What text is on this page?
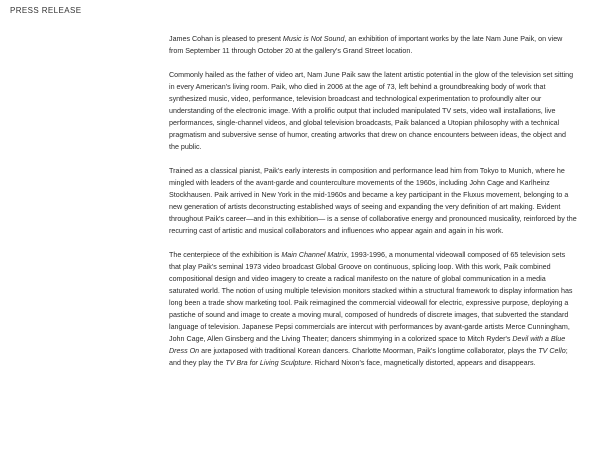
PRESS RELEASE

James Cohan is pleased to present Music is Not Sound, an exhibition of important works by the late Nam June Paik, on view from September 11 through October 20 at the gallery's Grand Street location.

Commonly hailed as the father of video art, Nam June Paik saw the latent artistic potential in the glow of the television set sitting in every American's living room. Paik, who died in 2006 at the age of 73, left behind a groundbreaking body of work that synthesized music, video, performance, television broadcast and technological experimentation to profoundly alter our understanding of the electronic image. With a prolific output that included manipulated TV sets, video wall installations, live performances, single-channel videos, and global television broadcasts, Paik balanced a Utopian philosophy with a technical pragmatism and subversive sense of humor, creating artworks that drew on chance encounters between ideas, the object and the public.

Trained as a classical pianist, Paik's early interests in composition and performance lead him from Tokyo to Munich, where he mingled with leaders of the avant-garde and counterculture movements of the 1960s, including John Cage and Karlheinz Stockhausen. Paik arrived in New York in the mid-1960s and became a key participant in the Fluxus movement, belonging to a new generation of artists deconstructing established ways of seeing and expanding the very definition of art making. Evident throughout Paik's career—and in this exhibition— is a sense of collaborative energy and pronounced musicality, reinforced by the recurring cast of artistic and musical collaborators and influences who appear again and again in his work.

The centerpiece of the exhibition is Main Channel Matrix, 1993-1996, a monumental videowall composed of 65 television sets that play Paik's seminal 1973 video broadcast Global Groove on continuous, splicing loop. With this work, Paik combined compositional design and video imagery to create a radical manifesto on the nature of global communication in a media saturated world. The notion of using multiple television monitors stacked within a structural framework to display information has long been a trade show marketing tool. Paik reimagined the commercial videowall for electric, expressive purpose, deploying a pastiche of sound and image to create a moving mural, composed of hundreds of discrete images, that subverted the standard language of television. Japanese Pepsi commercials are intercut with performances by avant-garde artists Merce Cunningham, John Cage, Allen Ginsberg and the Living Theater; dancers shimmying in a colorized space to Mitch Ryder's Devil with a Blue Dress On are juxtaposed with traditional Korean dancers. Charlotte Moorman, Paik's longtime collaborator, plays the TV Cello; and they play the TV Bra for Living Sculpture. Richard Nixon's face, magnetically distorted, appears and disappears.
